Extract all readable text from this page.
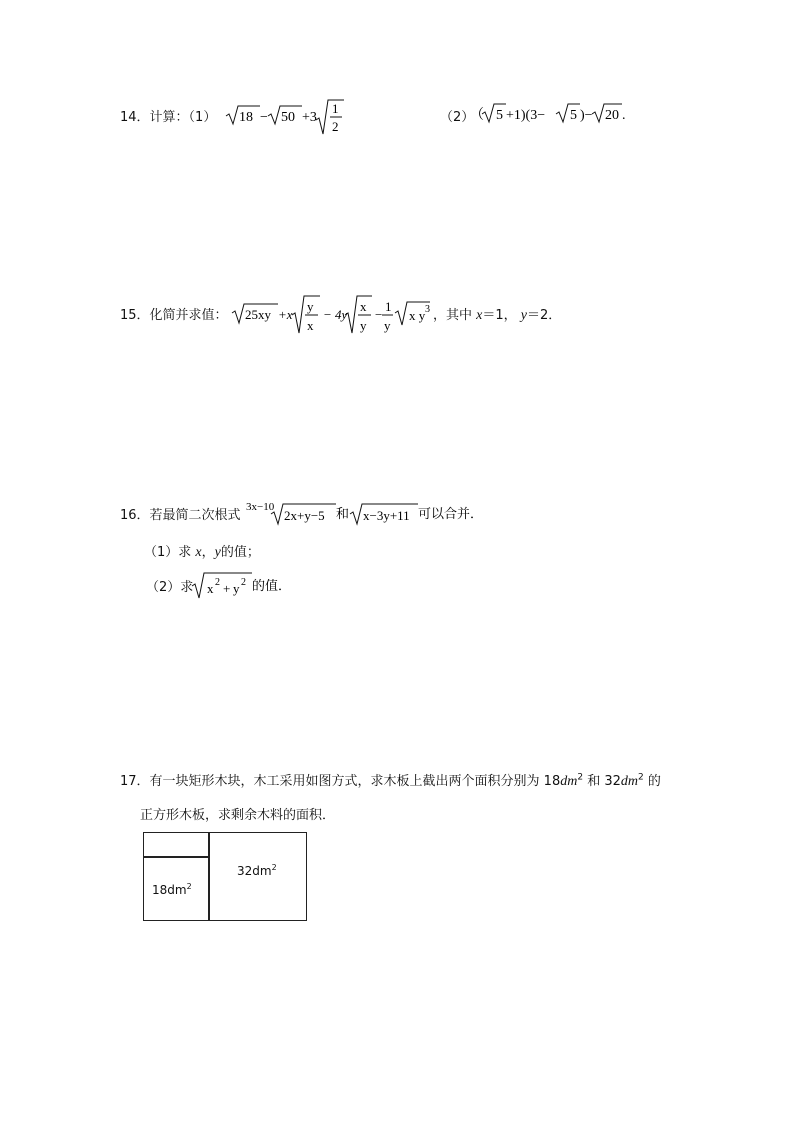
14．计算：（1） 18 − 50 +3
1
2
（2）
（ 5 +1)(3− 5 )− 20 .
15．化简并求值： 25xy +x
y
x
− 4y
x
y
−
1
y
x y 3 ，其中 x＝1， y＝2．
16．若最简二次根式
3x−10
2x+y−5 和 x−3y+11 可以合并．
（1）求 x，y的值；
（2）求 x 2 + y 2 的值．
17．有一块矩形木块，木工采用如图方式，求木板上截出两个面积分别为 $18dm^2$ 和 $32dm^2$ 的
正方形木板，求剩余木料的面积．
$18dm^2$
$32dm^2$
